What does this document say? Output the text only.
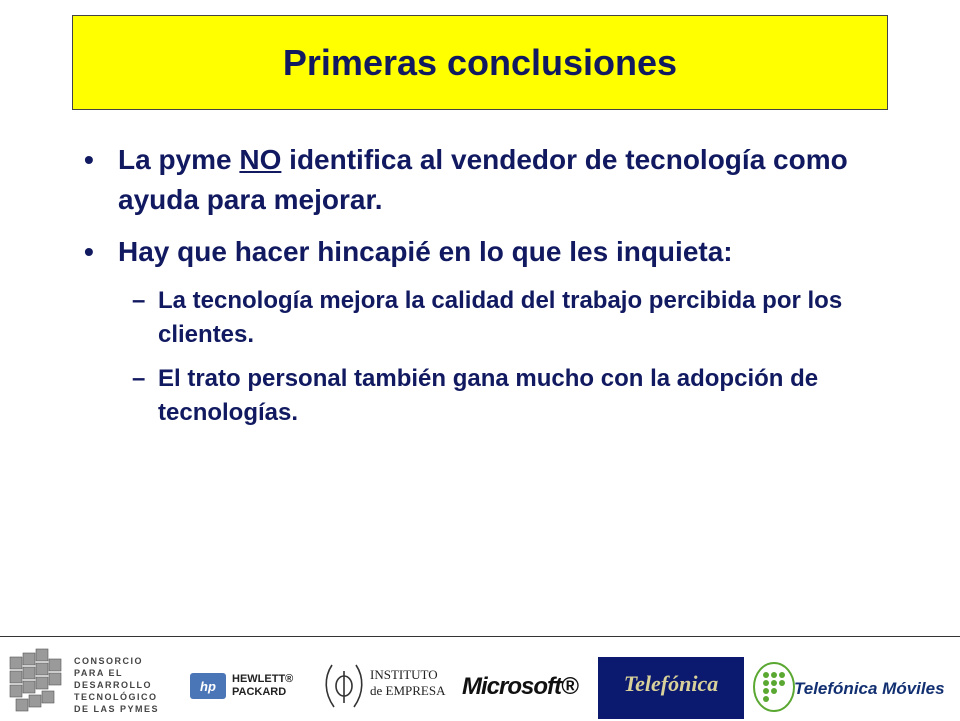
Primeras conclusiones
• La pyme NO identifica al vendedor de tecnología como ayuda para mejorar.
• Hay que hacer hincapié en lo que les inquieta:
– La tecnología mejora la calidad del trabajo percibida por los clientes.
– El trato personal también gana mucho con la adopción de tecnologías.
CONSORCIO
PARA EL
DESARROLLO
TECNOLÓGICO
DE LAS PYMES
hp	HEWLETT®
PACKARD
INSTITUTO
de EMPRESA Microsoft®	Telefónica	Telefónica Móviles
